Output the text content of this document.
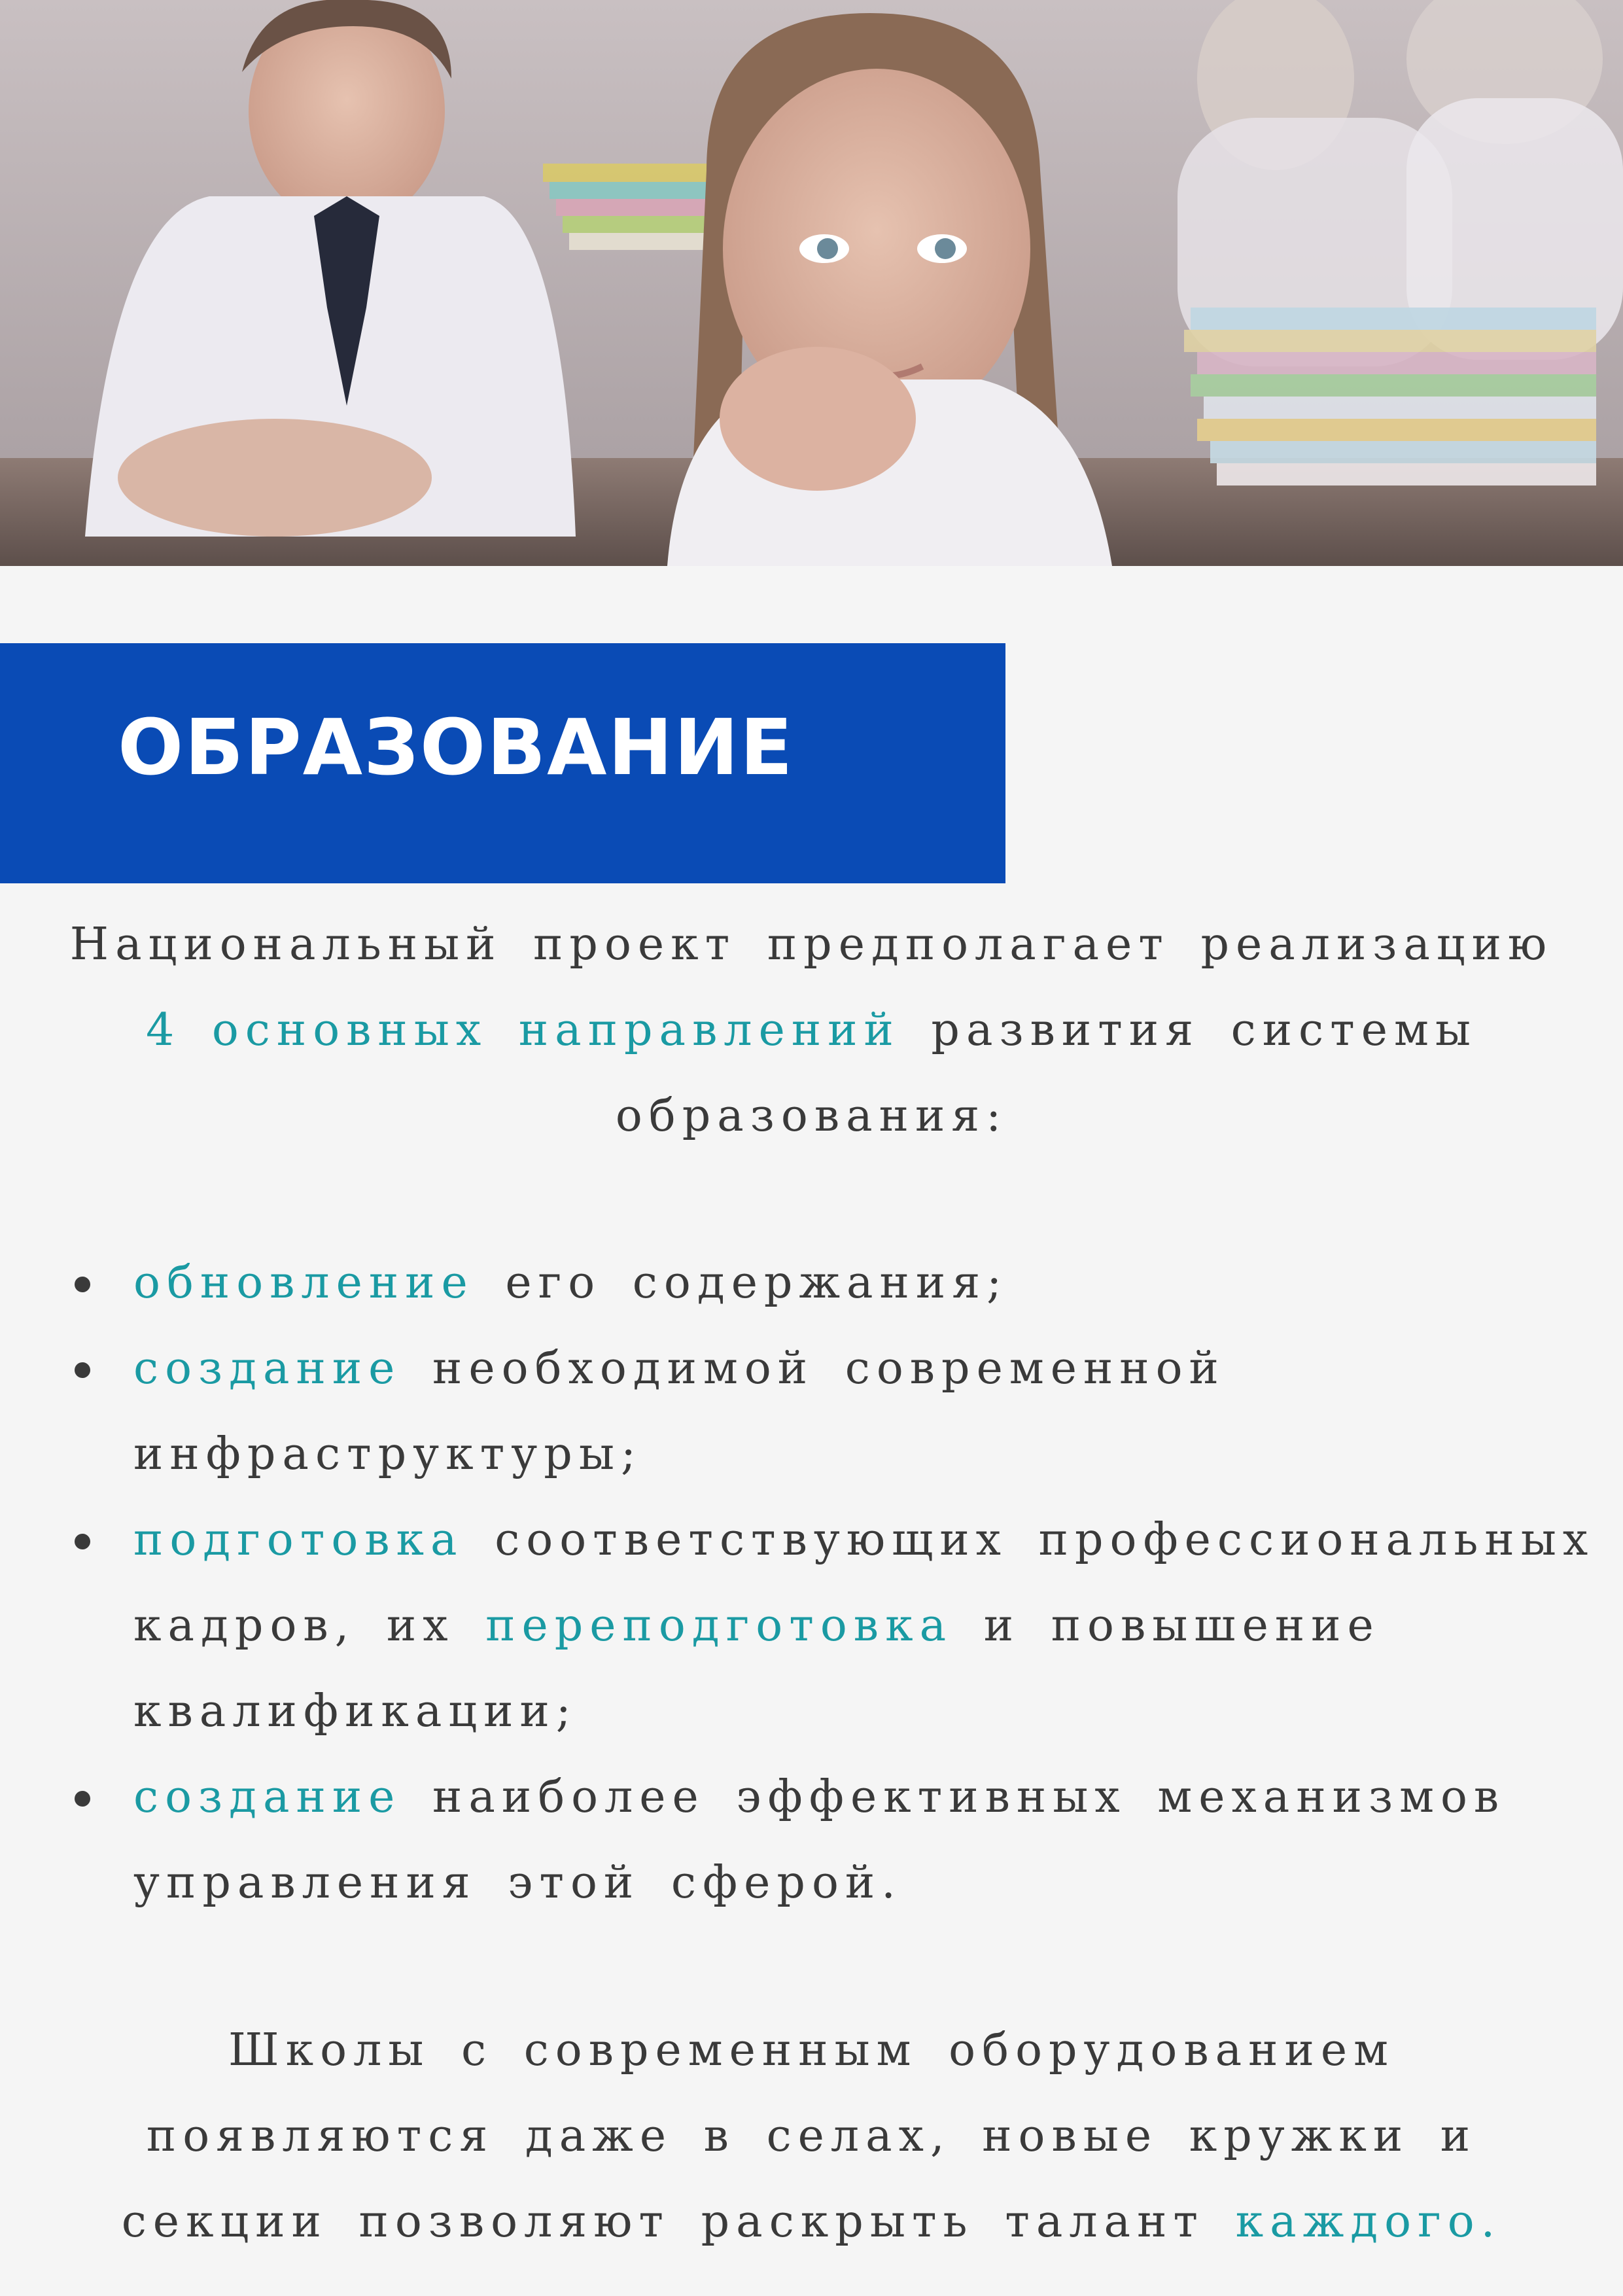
ОБРАЗОВАНИЕ
Национальный проект предполагает реализацию 4 основных направлений развития системы образования:
обновление его содержания;
создание необходимой современной инфраструктуры;
подготовка соответствующих профессиональных кадров, их переподготовка и повышение квалификации;
создание наиболее эффективных механизмов управления этой сферой.
Школы с современным оборудованием появляются даже в селах, новые кружки и секции позволяют раскрыть талант каждого.
